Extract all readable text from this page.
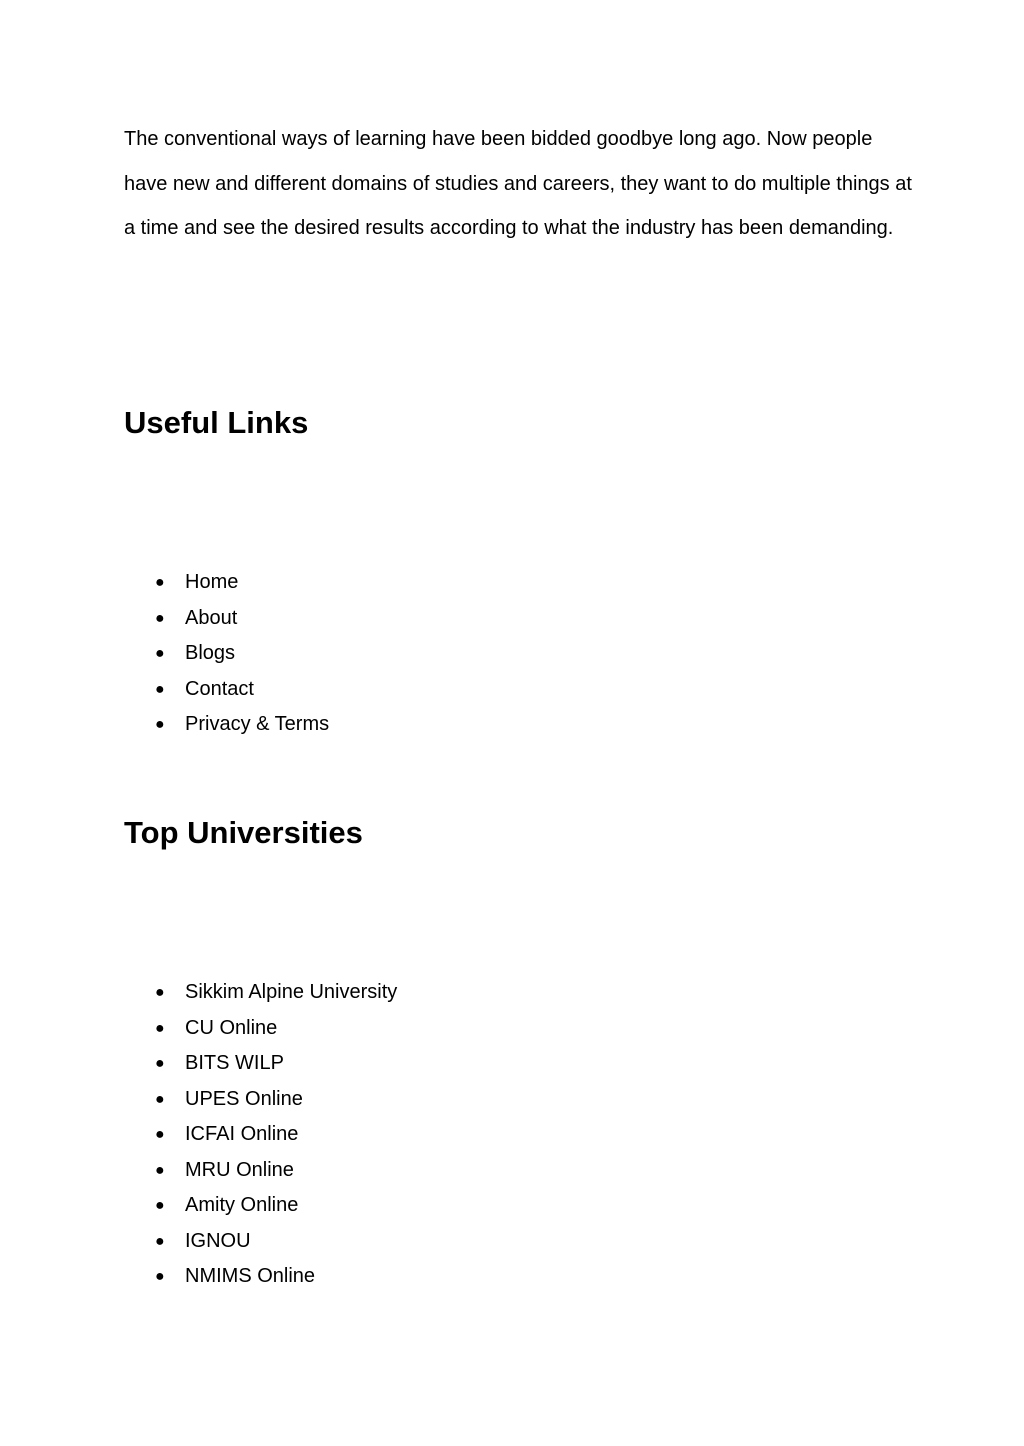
The conventional ways of learning have been bidded goodbye long ago. Now people have new and different domains of studies and careers, they want to do multiple things at a time and see the desired results according to what the industry has been demanding.

Useful Links
● Home
● About
● Blogs
● Contact
● Privacy & Terms
Top Universities
● Sikkim Alpine University
● CU Online
● BITS WILP
● UPES Online
● ICFAI Online
● MRU Online
● Amity Online
● IGNOU
● NMIMS Online
